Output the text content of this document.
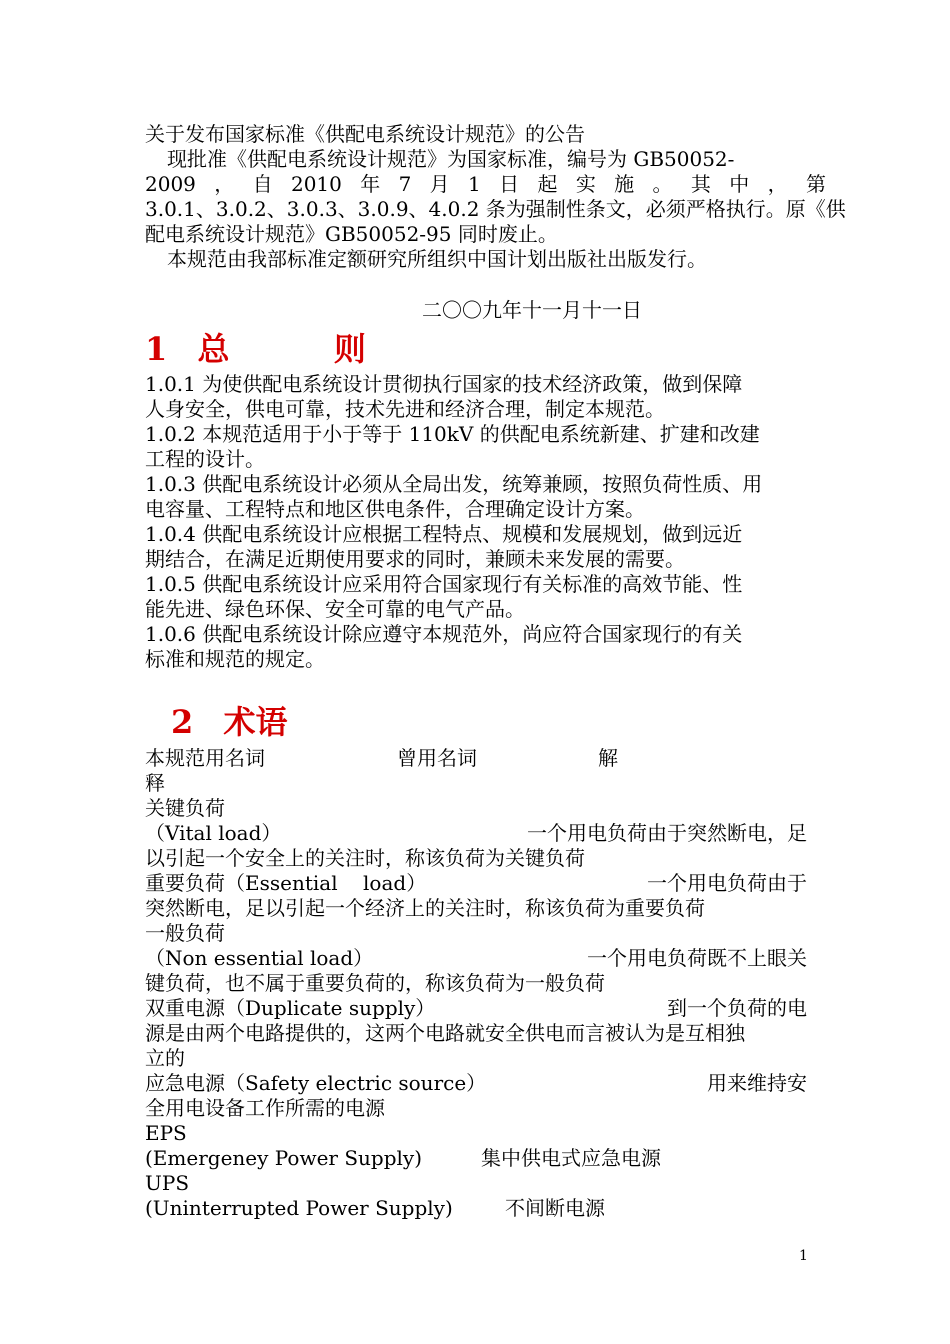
关于发布国家标准《供配电系统设计规范》的公告
现批准《供配电系统设计规范》为国家标准，编号为 GB50052-
2009 ， 自 2010 年 7 月 1 日 起 实 施 。 其 中 ， 第
3.0.1、3.0.2、3.0.3、3.0.9、4.0.2 条为强制性条文，必须严格执行。原《供
配电系统设计规范》GB50052-95 同时废止。
本规范由我部标准定额研究所组织中国计划出版社出版发行。
二〇〇九年十一月十一日
1 总	则
1.0.1 为使供配电系统设计贯彻执行国家的技术经济政策，做到保障
人身安全，供电可靠，技术先进和经济合理，制定本规范。
1.0.2 本规范适用于小于等于 110kV 的供配电系统新建、扩建和改建
工程的设计。
1.0.3 供配电系统设计必须从全局出发，统筹兼顾，按照负荷性质、用
电容量、工程特点和地区供电条件，合理确定设计方案。
1.0.4 供配电系统设计应根据工程特点、规模和发展规划，做到远近
期结合，在满足近期使用要求的同时，兼顾未来发展的需要。
1.0.5 供配电系统设计应采用符合国家现行有关标准的高效节能、性
能先进、绿色环保、安全可靠的电气产品。
1.0.6 供配电系统设计除应遵守本规范外，尚应符合国家现行的有关
标准和规范的规定。
2 术语
本规范用名词	曾用名词	解
释
关键负荷
（Vital load）	一个用电负荷由于突然断电，足
以引起一个安全上的关注时，称该负荷为关键负荷
重要负荷（Essential    load）	一个用电负荷由于
突然断电，足以引起一个经济上的关注时，称该负荷为重要负荷
一般负荷
（Non essential load）	一个用电负荷既不上眼关
键负荷，也不属于重要负荷的，称该负荷为一般负荷
双重电源（Duplicate supply）	到一个负荷的电
源是由两个电路提供的，这两个电路就安全供电而言被认为是互相独
立的
应急电源（Safety electric source）	用来维持安
全用电设备工作所需的电源
EPS
(Emergeney Power Supply)	集中供电式应急电源
UPS
(Uninterrupted Power Supply)	不间断电源
1
